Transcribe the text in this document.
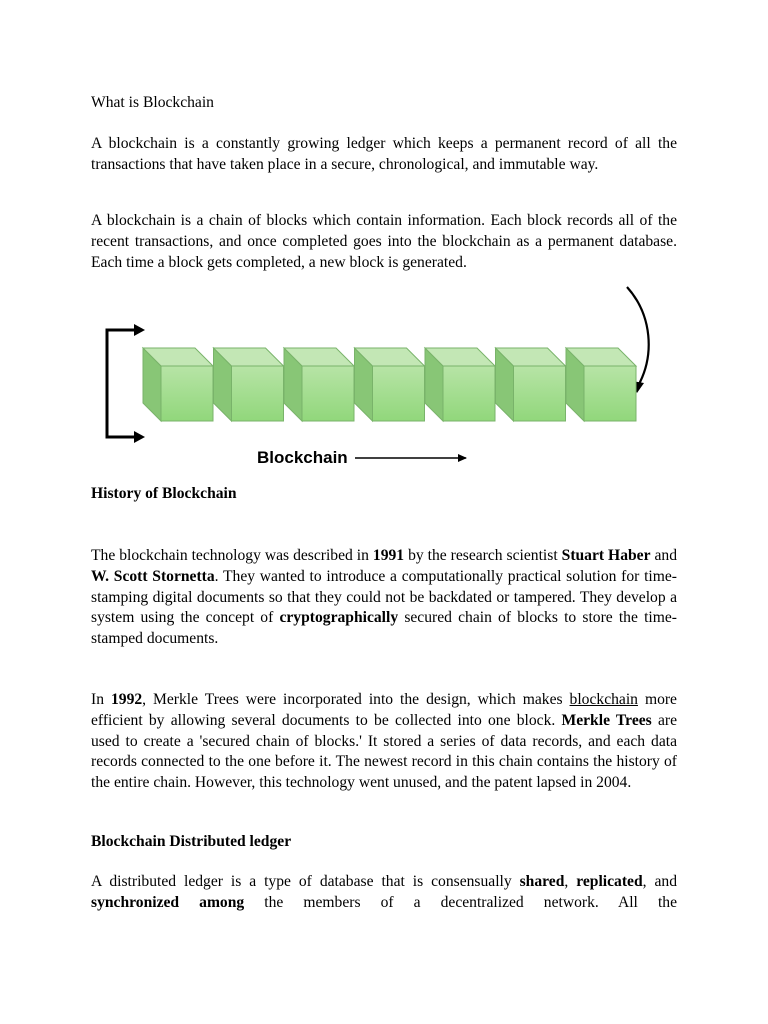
What is Blockchain

A blockchain is a constantly growing ledger which keeps a permanent record of all the transactions that have taken place in a secure, chronological, and immutable way.

A blockchain is a chain of blocks which contain information. Each block records all of the recent transactions, and once completed goes into the blockchain as a permanent database. Each time a block gets completed, a new block is generated.

Blockchain

History of Blockchain

The blockchain technology was described in 1991 by the research scientist Stuart Haber and W. Scott Stornetta. They wanted to introduce a computationally practical solution for time-stamping digital documents so that they could not be backdated or tampered. They develop a system using the concept of cryptographically secured chain of blocks to store the time-stamped documents.

In 1992, Merkle Trees were incorporated into the design, which makes blockchain more efficient by allowing several documents to be collected into one block. Merkle Trees are used to create a 'secured chain of blocks.' It stored a series of data records, and each data records connected to the one before it. The newest record in this chain contains the history of the entire chain. However, this technology went unused, and the patent lapsed in 2004.

Blockchain Distributed ledger

A distributed ledger is a type of database that is consensually shared, replicated, and synchronized among the members of a decentralized network. All the
